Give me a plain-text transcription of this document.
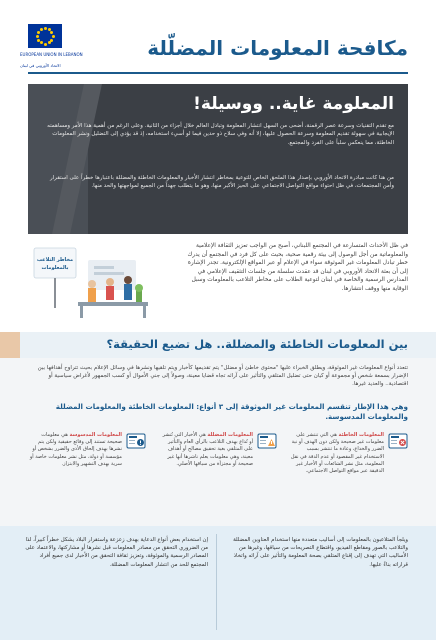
EUROPEAN UNION IN LEBANON
الاتحاد الأوروبي في لبنان
مكافحة المعلومات المضلّلة
المعلومة غاية.. ووسيلة!
مع تقدم التقنيات وسرعة عصر الرقمنة، أضحى من السهل انتشار المعلومة وتبادل العالم خلال أجزاء من الثانية. وعلى الرغم من أهمية هذا الأمر ومساهمته الإيجابية في سهولة تقديم المعلومة وسرعة الحصول عليها، إلا أنه وفي سلاح ذو حدين فيما لو أسيء استخدامه، إذ قد يؤدي إلى التضليل ونشر المعلومات الخاطئة، مما ينعكس سلباً على الفرد والمجتمع.
من هنا كانت مبادرة الاتحاد الأوروبي بإصدار هذا الملحق الخاص للتوعية بمخاطر انتشار الأخبار والمعلومات الخاطئة والمضللة باعتبارها خطراً على استقرار وأمن المجتمعات، في ظل احتواء مواقع التواصل الاجتماعي على الحيز الأكبر منها، وهو ما يتطلب جهداً من الجميع لمواجهتها والحد منها.
في ظل الأحداث المتسارعة في المجتمع اللبناني، أصبح من الواجب تعزيز الثقافة الإعلامية والمعلوماتية من أجل الوصول إلى بيئة رقمية صحية، بحيث على كل فرد في المجتمع أن يدرك خطر تبادل المعلومات غير الموثوقة سواء في الإعلام أو عبر المواقع الإلكترونية. تجدر الإشارة إلى أن بعثة الاتحاد الأوروبي في لبنان قد عقدت سلسلة من جلسات التثقيف الإعلامي في المدارس الرسمية والخاصة في لبنان لتوعية الطلاب على مخاطر التلاعب بالمعلومات وسبل الوقاية منها ووقف انتشارها.
مخاطر التلاعب
بالمعلومات
بين المعلومات الخاطئة والمضللة.. هل تضيع الحقيقة؟
تتعدد أنواع المعلومات غير الموثوقة، ويطلق الخبراء عليها "محتوى خاطئ أو مضلل" يتم تقديمها كأخبار ويتم تلقيها ونشرها في وسائل الإعلام بحيث تتراوح أهدافها بين الإضرار بسمعة شخص أو مجموعة أو كيان حتى تضليل المتلقي والتأثير على آرائه تجاه قضايا معينة، وصولاً إلى جني الأموال أو كسب الجمهور لأغراض سياسية أو اقتصادية.. والعديد غيرها.
وهي هذا الإطار تنقسم المعلومات غير الموثوقة إلى ٣ أنواع: المعلومات الخاطئة والمعلومات المضللة والمعلومات المدسوسة.
المعلومات الخاطئة هي التي تنتشر على معلومات غير صحيحة ولكن دون الهدف أو نية الضرر والخداع، وعادة ما تنتشر بسبب الاستخدام غير المقصود أو عدم الدقة في نقل المعلومة، مثل نشر الشائعات أو الأخبار غير الدقيقة عبر مواقع التواصل الاجتماعي.
المعلومات المضللة هي الأخبار التي تُنشر أو تُذاع بهدف التلاعب بالرأي العام والتأثير على المتلقي بغية تحقيق مصالح أو أهداف معينة، وهي معلومات يعلم ناشرها أنها غير صحيحة أو مجتزأة من سياقها الأصلي.
المعلومات المدسوسة هي معلومات صحيحة تستند إلى وقائع حقيقية ولكن يتم نشرها بهدف إلحاق الأذى والضرر بشخص أو مؤسسة أو دولة، مثل نشر معلومات خاصة أو سرية بهدف التشهير والابتزاز.
ويلجأ المتلاعبون بالمعلومات إلى أساليب متعددة منها استخدام العناوين المضللة والتلاعب بالصور ومقاطع الفيديو، واقتطاع التصريحات من سياقها، وغيرها من الأساليب التي تهدف إلى إقناع المتلقي بصحة المعلومة والتأثير على آرائه واتخاذ قراراته بناءً عليها.
إن استخدام بعض أنواع الدعاية بهدف زعزعة واستقرار البلاد يشكل خطراً كبيراً، لذا من الضروري التحقق من مصادر المعلومات قبل نشرها أو مشاركتها، والاعتماد على المصادر الرسمية والموثوقة، وتعزيز ثقافة التحقق من الأخبار لدى جميع أفراد المجتمع للحد من انتشار المعلومات المضللة.
